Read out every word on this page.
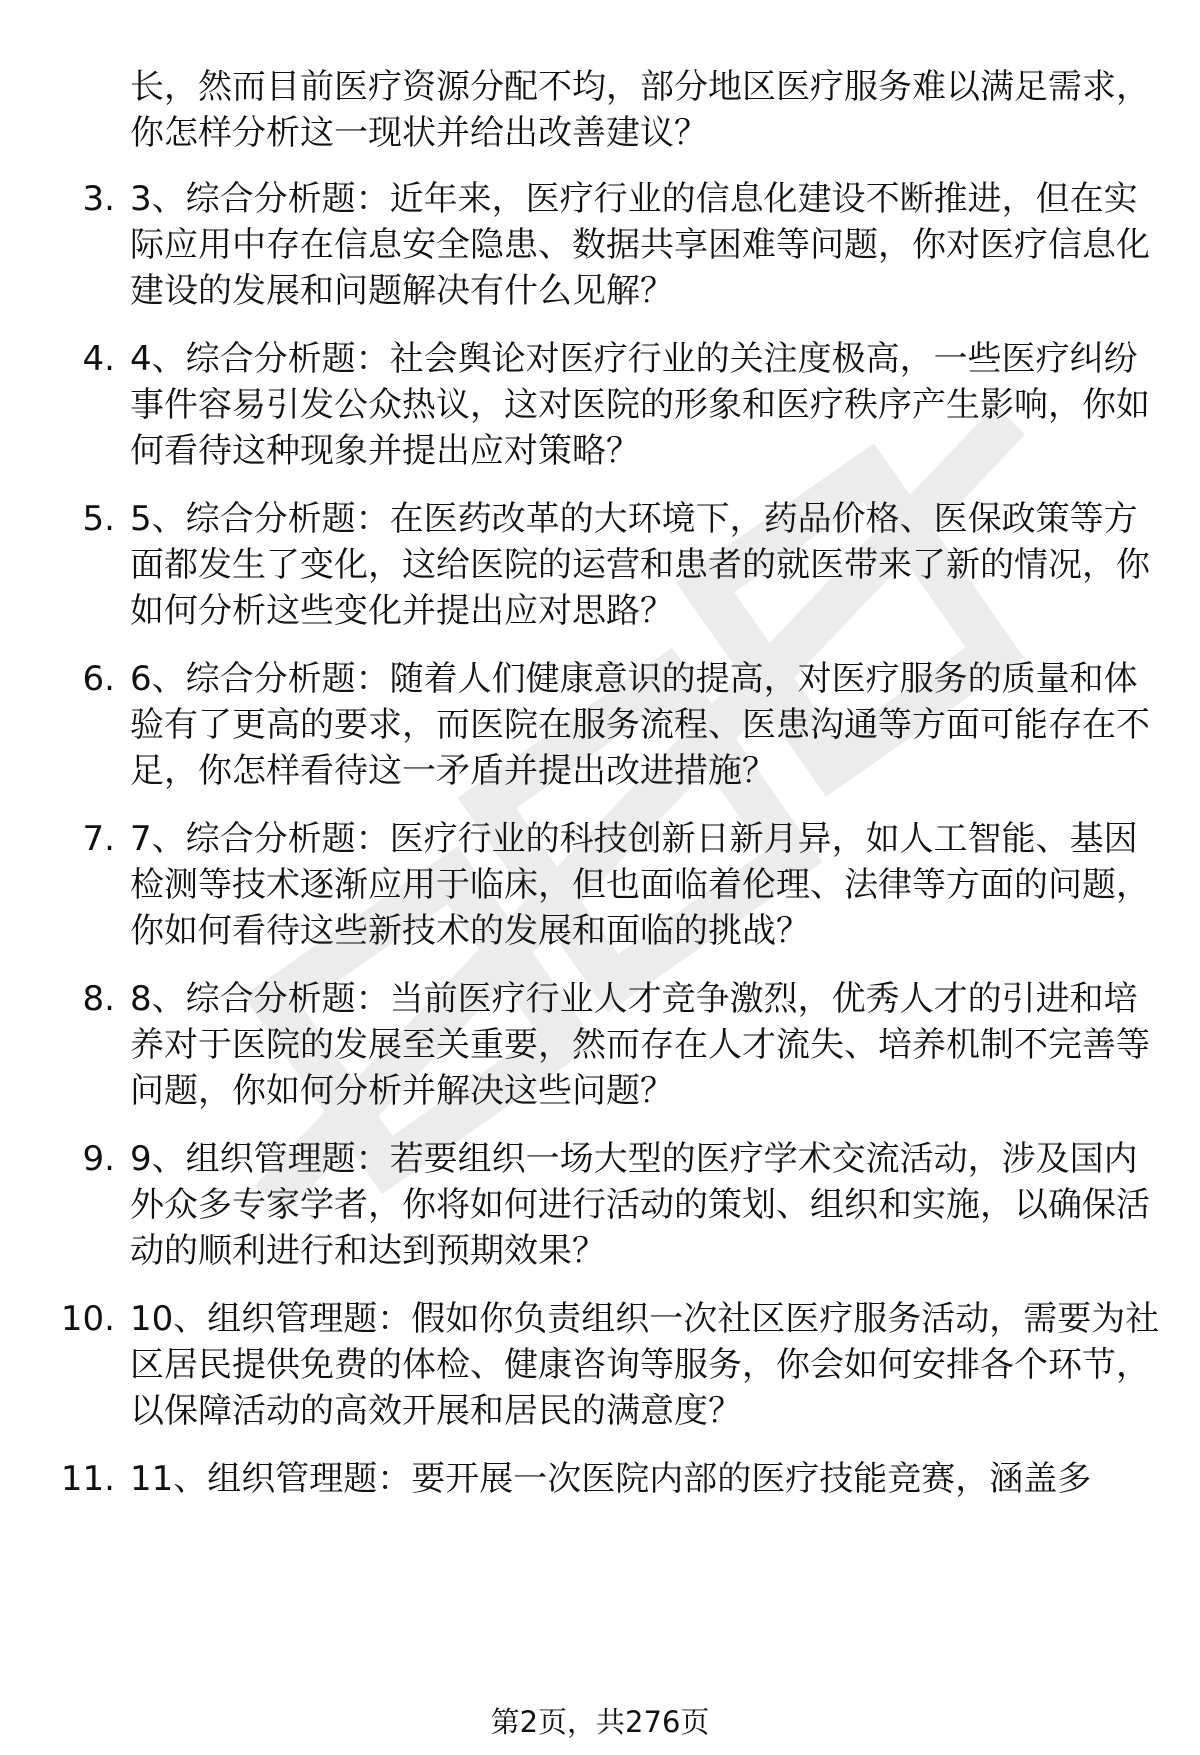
长，然而目前医疗资源分配不均，部分地区医疗服务难以满足需求，你怎样分析这一现状并给出改善建议？

3. 3、综合分析题：近年来，医疗行业的信息化建设不断推进，但在实际应用中存在信息安全隐患、数据共享困难等问题，你对医疗信息化建设的发展和问题解决有什么见解？

4. 4、综合分析题：社会舆论对医疗行业的关注度极高，一些医疗纠纷事件容易引发公众热议，这对医院的形象和医疗秩序产生影响，你如何看待这种现象并提出应对策略？

5. 5、综合分析题：在医药改革的大环境下，药品价格、医保政策等方面都发生了变化，这给医院的运营和患者的就医带来了新的情况，你如何分析这些变化并提出应对思路？

6. 6、综合分析题：随着人们健康意识的提高，对医疗服务的质量和体验有了更高的要求，而医院在服务流程、医患沟通等方面可能存在不足，你怎样看待这一矛盾并提出改进措施？

7. 7、综合分析题：医疗行业的科技创新日新月异，如人工智能、基因检测等技术逐渐应用于临床，但也面临着伦理、法律等方面的问题，你如何看待这些新技术的发展和面临的挑战？

8. 8、综合分析题：当前医疗行业人才竞争激烈，优秀人才的引进和培养对于医院的发展至关重要，然而存在人才流失、培养机制不完善等问题，你如何分析并解决这些问题？

9. 9、组织管理题：若要组织一场大型的医疗学术交流活动，涉及国内外众多专家学者，你将如何进行活动的策划、组织和实施，以确保活动的顺利进行和达到预期效果？

10. 10、组织管理题：假如你负责组织一次社区医疗服务活动，需要为社区居民提供免费的体检、健康咨询等服务，你会如何安排各个环节，以保障活动的高效开展和居民的满意度？

11. 11、组织管理题：要开展一次医院内部的医疗技能竞赛，涵盖多

第2页，共276页
